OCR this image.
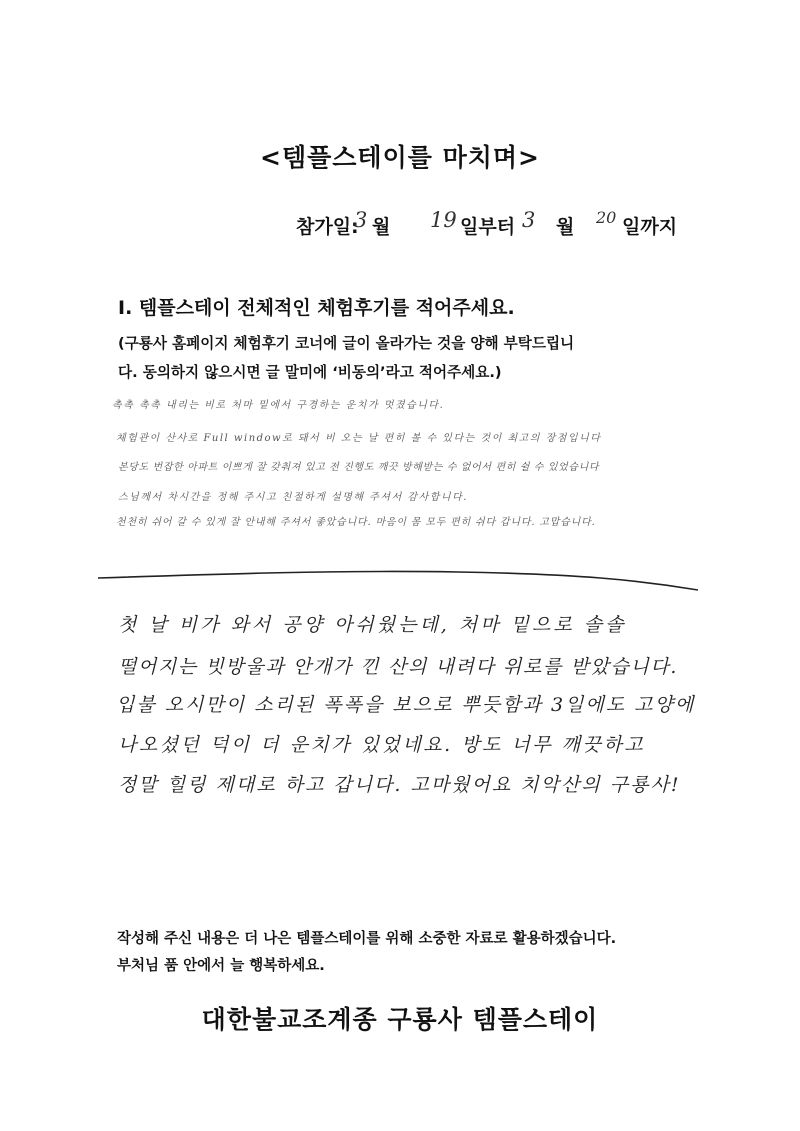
<템플스테이를 마치며>
참가일:
3 월 19 일부터 3 월 20 일까지
I. 템플스테이 전체적인 체험후기를 적어주세요.
(구룡사 홈페이지 체험후기 코너에 글이 올라가는 것을 양해 부탁드립니
다. 동의하지 않으시면 글 말미에 ‘비동의’라고 적어주세요.)
촉촉 촉촉 내리는 비로 처마 밑에서 구경하는 운치가 멋졌습니다.
체험관이 산사로 Full window로 돼서 비 오는 날 편히 볼 수 있다는 것이 최고의 장점입니다
본당도 번잡한 아파트 이쁘게 잘 갖춰져 있고 전 진행도 깨끗 방해받는 수 없어서 편히 쉴 수 있었습니다
스님께서 차시간을 정해 주시고 친절하게 설명해 주셔서 감사합니다.
천천히 쉬어 갈 수 있게 잘 안내해 주셔서 좋았습니다. 마음이 몸 모두 편히 쉬다 갑니다. 고맙습니다.
첫 날 비가 와서 공양 아쉬웠는데, 처마 밑으로 솔솔
떨어지는 빗방울과 안개가 낀 산의 내려다 위로를 받았습니다.
입불 오시만이 소리된 폭폭을 보으로 뿌듯함과 3일에도 고양에
나오셨던 덕이 더 운치가 있었네요. 방도 너무 깨끗하고
정말 힐링 제대로 하고 갑니다. 고마웠어요 치악산의 구룡사!
작성해 주신 내용은 더 나은 템플스테이를 위해 소중한 자료로 활용하겠습니다.
부처님 품 안에서 늘 행복하세요.
대한불교조계종 구룡사 템플스테이
